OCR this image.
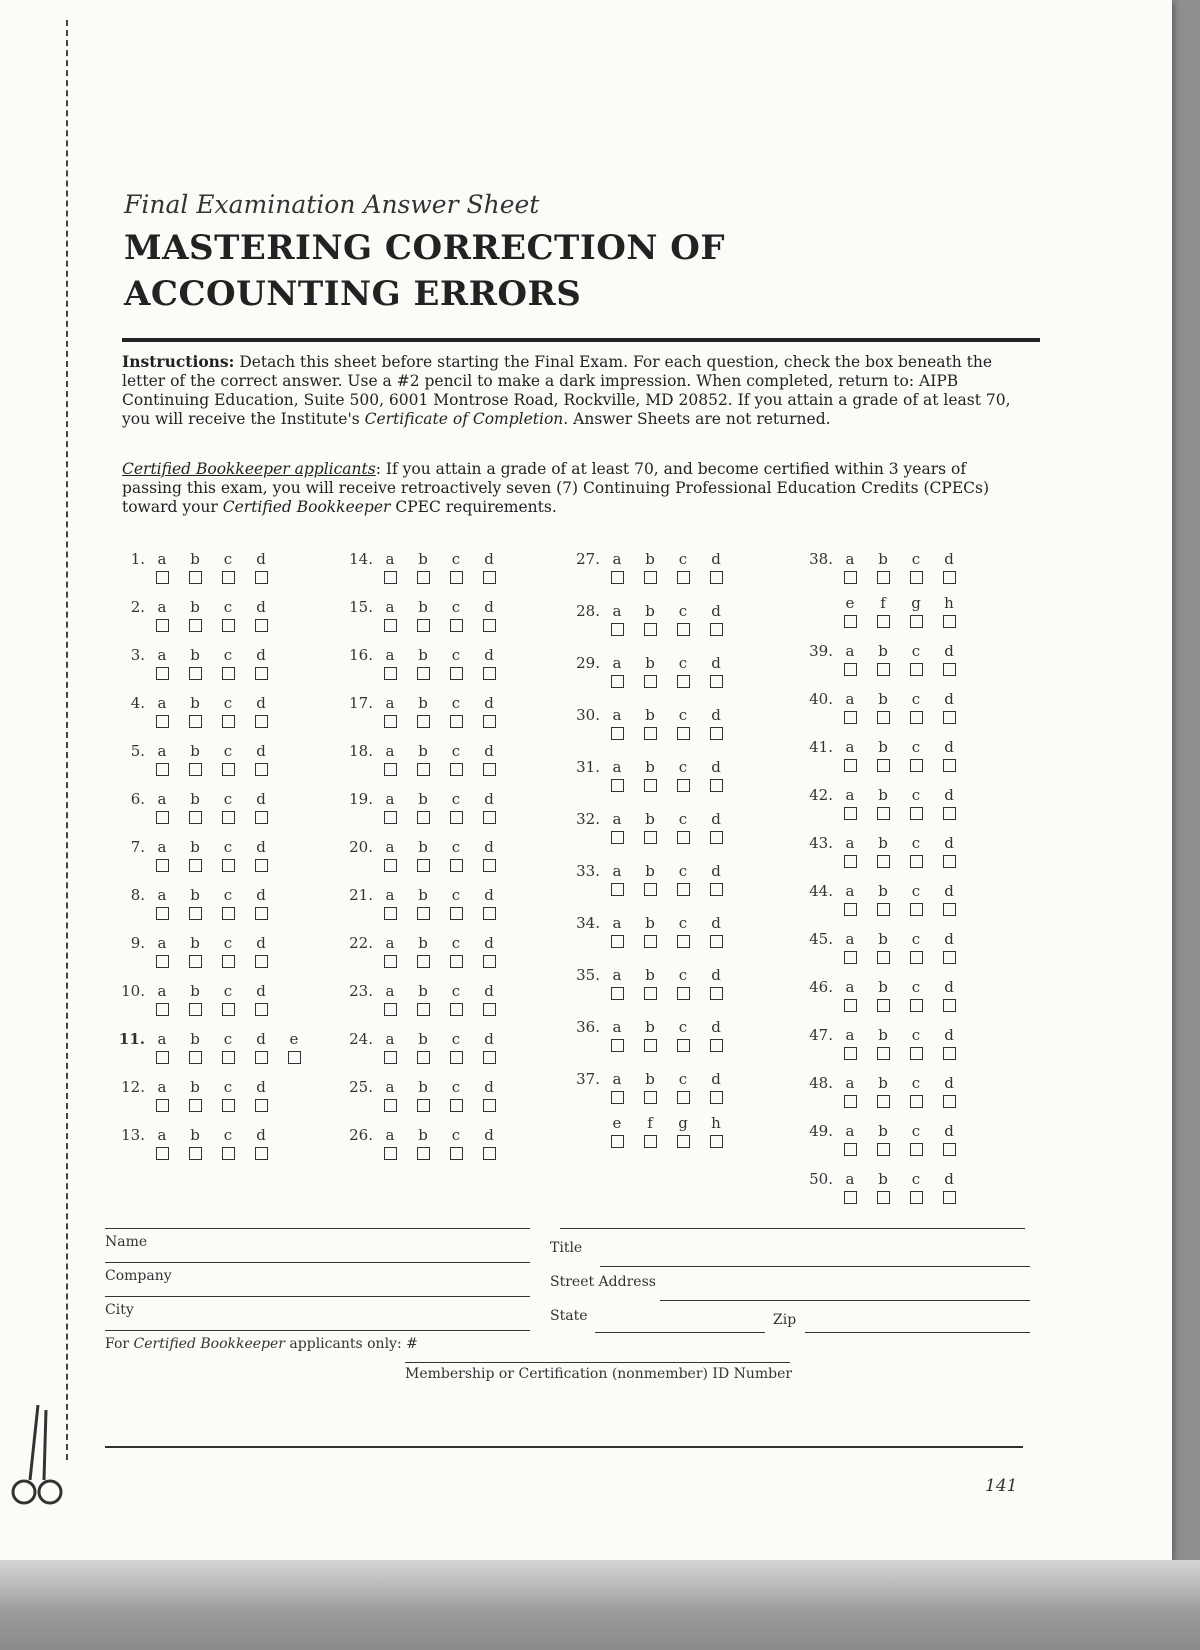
Final Examination Answer Sheet
MASTERING CORRECTION OF
ACCOUNTING ERRORS
Instructions: Detach this sheet before starting the Final Exam. For each question, check the box beneath the letter of the correct answer. Use a #2 pencil to make a dark impression. When completed, return to: AIPB Continuing Education, Suite 500, 6001 Montrose Road, Rockville, MD 20852. If you attain a grade of at least 70, you will receive the Institute's Certificate of Completion. Answer Sheets are not returned.
Certified Bookkeeper applicants: If you attain a grade of at least 70, and become certified within 3 years of passing this exam, you will receive retroactively seven (7) Continuing Professional Education Credits (CPECs) toward your Certified Bookkeeper CPEC requirements.
1. a	b	c	d
2. a	b	c	d
3. a	b	c	d
4. a	b	c	d
5. a	b	c	d
6. a	b	c	d
7. a	b	c	d
8. a	b	c	d
9. a	b	c	d
10. a	b	c	d
11. a	b	c	d	e
12. a	b	c	d
13. a	b	c	d
14. a	b	c	d
15. a	b	c	d
16. a	b	c	d
17. a	b	c	d
18. a	b	c	d
19. a	b	c	d
20. a	b	c	d
21. a	b	c	d
22. a	b	c	d
23. a	b	c	d
24. a	b	c	d
25. a	b	c	d
26. a	b	c	d
27. a	b	c	d
28. a	b	c	d
29. a	b	c	d
30. a	b	c	d
31. a	b	c	d
32. a	b	c	d
33. a	b	c	d
34. a	b	c	d
35. a	b	c	d
36. a	b	c	d
37. a	b	c	d
e	f	g	h
38. a	b	c	d
e	f	g	h
39. a	b	c	d
40. a	b	c	d
41. a	b	c	d
42. a	b	c	d
43. a	b	c	d
44. a	b	c	d
45. a	b	c	d
46. a	b	c	d
47. a	b	c	d
48. a	b	c	d
49. a	b	c	d
50. a	b	c	d
Name	Title
Company	Street Address
City	State	Zip
For Certified Bookkeeper applicants only: #
Membership or Certification (nonmember) ID Number
141
